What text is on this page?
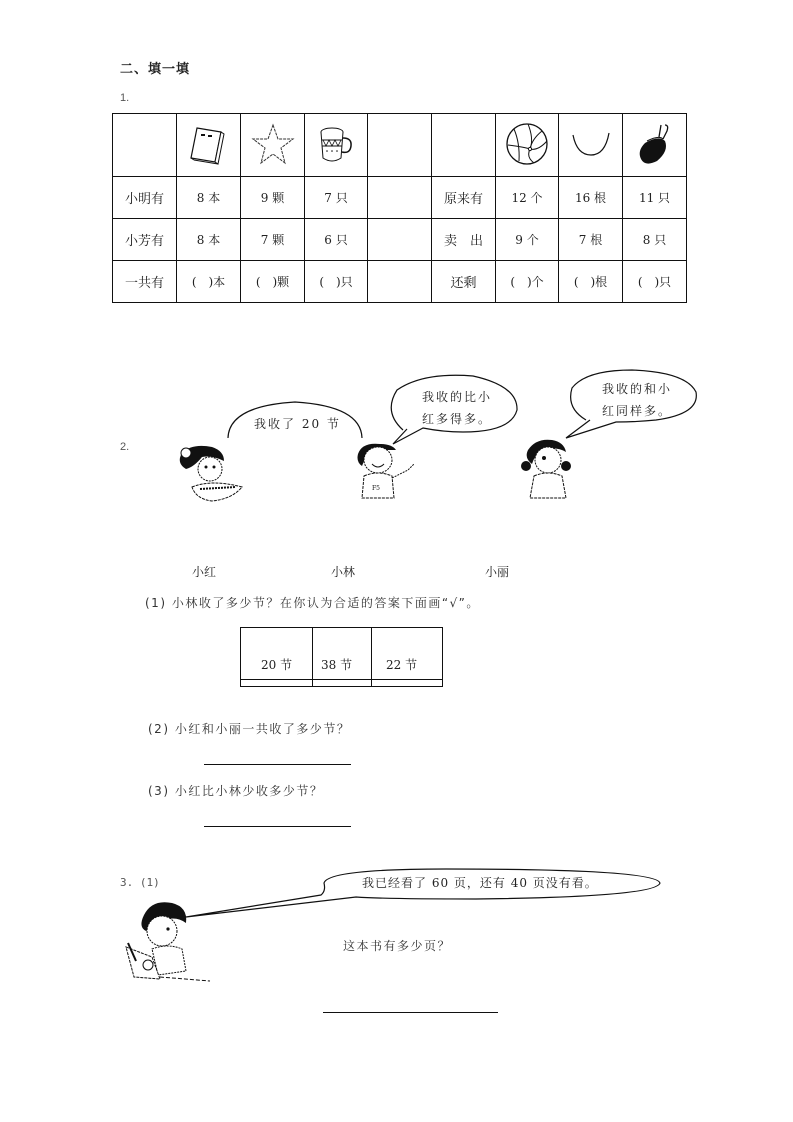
二、填一填
1.

小明有	8 本	9 颗	7 只		原来有	12 个	16 根	11 只
小芳有	8 本	7 颗	6 只		卖　出	9 个	7 根	8 只
一共有	(　)本	(　)颗	(　)只		还剩	(　)个	(　)根	(　)只
2.
我收了 20 节
我收的比小
红多得多。
我收的和小
红同样多。
F5
小红	小林	小丽
(1) 小林收了多少节？在你认为合适的答案下面画“√”。
20 节	38 节	22 节

(2) 小红和小丽一共收了多少节？
(3) 小红比小林少收多少节？
3. (1)	我已经看了 60 页，还有 40 页没有看。
这本书有多少页？
